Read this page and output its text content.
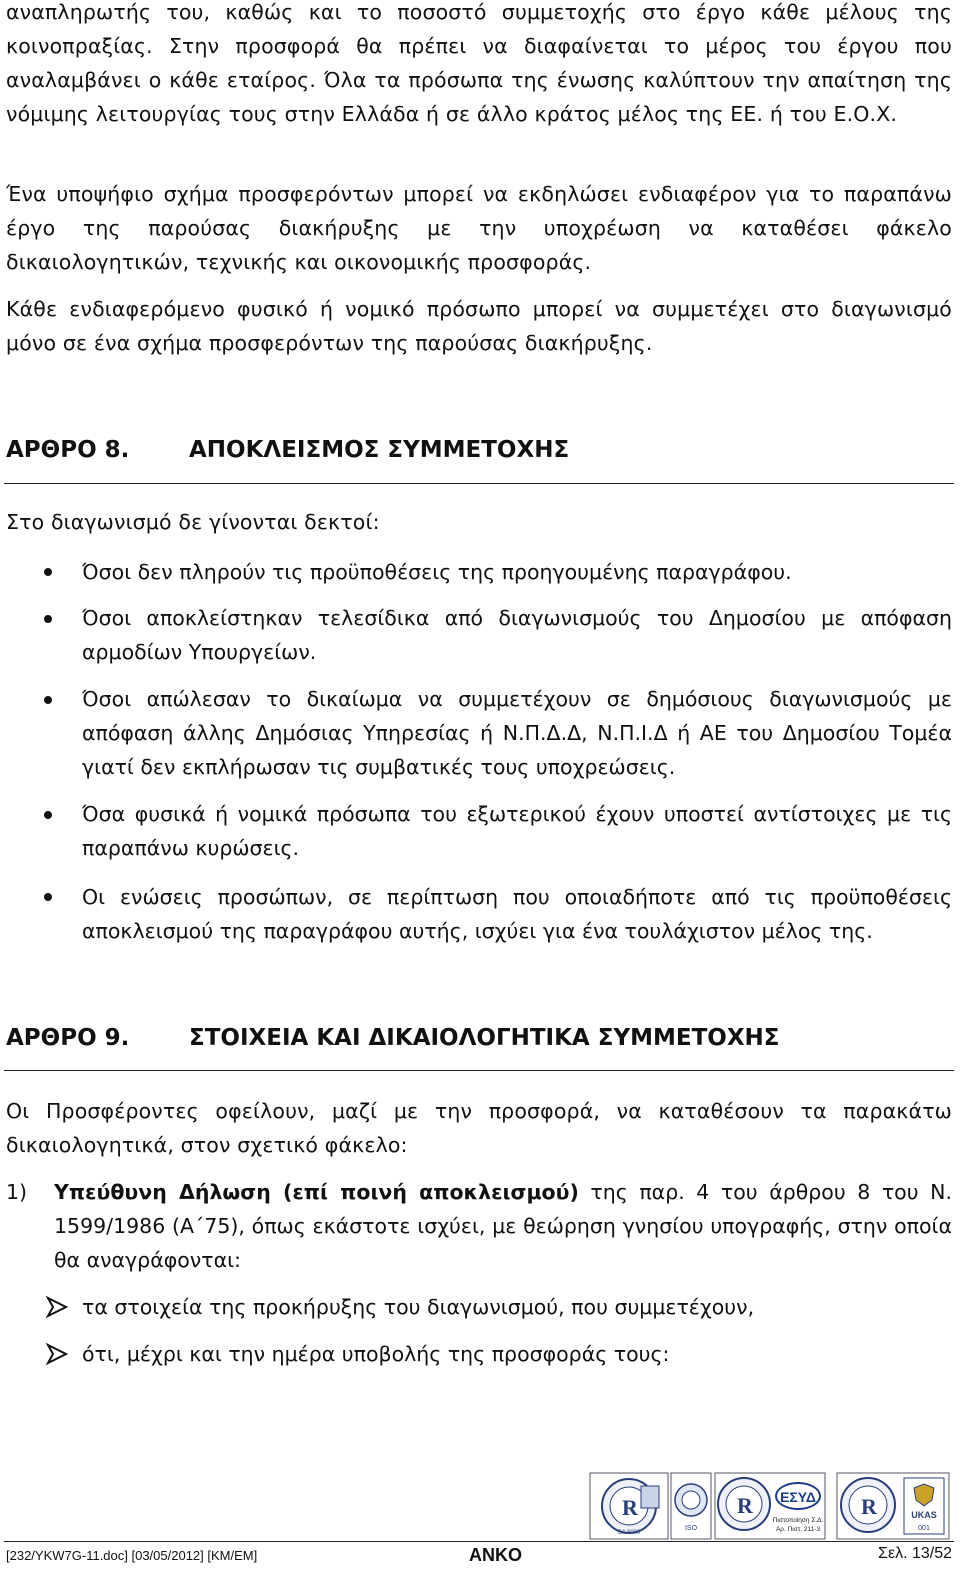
αναπληρωτής του, καθώς και το ποσοστό συμμετοχής στο έργο κάθε μέλους της κοινοπραξίας. Στην προσφορά θα πρέπει να διαφαίνεται το μέρος του έργου που αναλαμβάνει ο κάθε εταίρος. Όλα τα πρόσωπα της ένωσης καλύπτουν την απαίτηση της νόμιμης λειτουργίας τους στην Ελλάδα ή σε άλλο κράτος μέλος της ΕΕ. ή του Ε.Ο.Χ.
Ένα υποψήφιο σχήμα προσφερόντων μπορεί να εκδηλώσει ενδιαφέρον για το παραπάνω έργο της παρούσας διακήρυξης με την υποχρέωση να καταθέσει φάκελο δικαιολογητικών, τεχνικής και οικονομικής προσφοράς.
Κάθε ενδιαφερόμενο φυσικό ή νομικό πρόσωπο μπορεί να συμμετέχει στο διαγωνισμό μόνο σε ένα σχήμα προσφερόντων της παρούσας διακήρυξης.
ΑΡΘΡΟ 8.	ΑΠΟΚΛΕΙΣΜΟΣ ΣΥΜΜΕΤΟΧΗΣ
Στο διαγωνισμό δε γίνονται δεκτοί:
Όσοι δεν πληρούν τις προϋποθέσεις της προηγουμένης παραγράφου.
Όσοι αποκλείστηκαν τελεσίδικα από διαγωνισμούς του Δημοσίου με απόφαση αρμοδίων Υπουργείων.
Όσοι απώλεσαν το δικαίωμα να συμμετέχουν σε δημόσιους διαγωνισμούς με απόφαση άλλης Δημόσιας Υπηρεσίας ή Ν.Π.Δ.Δ, Ν.Π.Ι.Δ ή ΑΕ του Δημοσίου Τομέα γιατί δεν εκπλήρωσαν τις συμβατικές τους υποχρεώσεις.
Όσα φυσικά ή νομικά πρόσωπα του εξωτερικού έχουν υποστεί αντίστοιχες με τις παραπάνω κυρώσεις.
Οι ενώσεις προσώπων, σε περίπτωση που οποιαδήποτε από τις προϋποθέσεις αποκλεισμού της παραγράφου αυτής, ισχύει για ένα τουλάχιστον μέλος της.
ΑΡΘΡΟ 9.	ΣΤΟΙΧΕΙΑ ΚΑΙ ΔΙΚΑΙΟΛΟΓΗΤΙΚΑ ΣΥΜΜΕΤΟΧΗΣ
Οι Προσφέροντες οφείλουν, μαζί με την προσφορά, να καταθέσουν τα παρακάτω δικαιολογητικά, στον σχετικό φάκελο:
1) Υπεύθυνη Δήλωση (επί ποινή αποκλεισμού) της παρ. 4 του άρθρου 8 του Ν. 1599/1986 (Α΄75), όπως εκάστοτε ισχύει, με θεώρηση γνησίου υπογραφής, στην οποία θα αναγράφονται:
τα στοιχεία της προκήρυξης του διαγωνισμού, που συμμετέχουν,
ότι, μέχρι και την ημέρα υποβολής της προσφοράς τους:
R
SA 8000
ISO
R ΕΣΥΔ
Πιστοποίηση Σ.Δ.
Αρ. Πιστ. 211-3
R	UKAS
001
[232/YKW7G-11.doc] [03/05/2012] [KM/EM]	ANKO	Σελ. 13/52
